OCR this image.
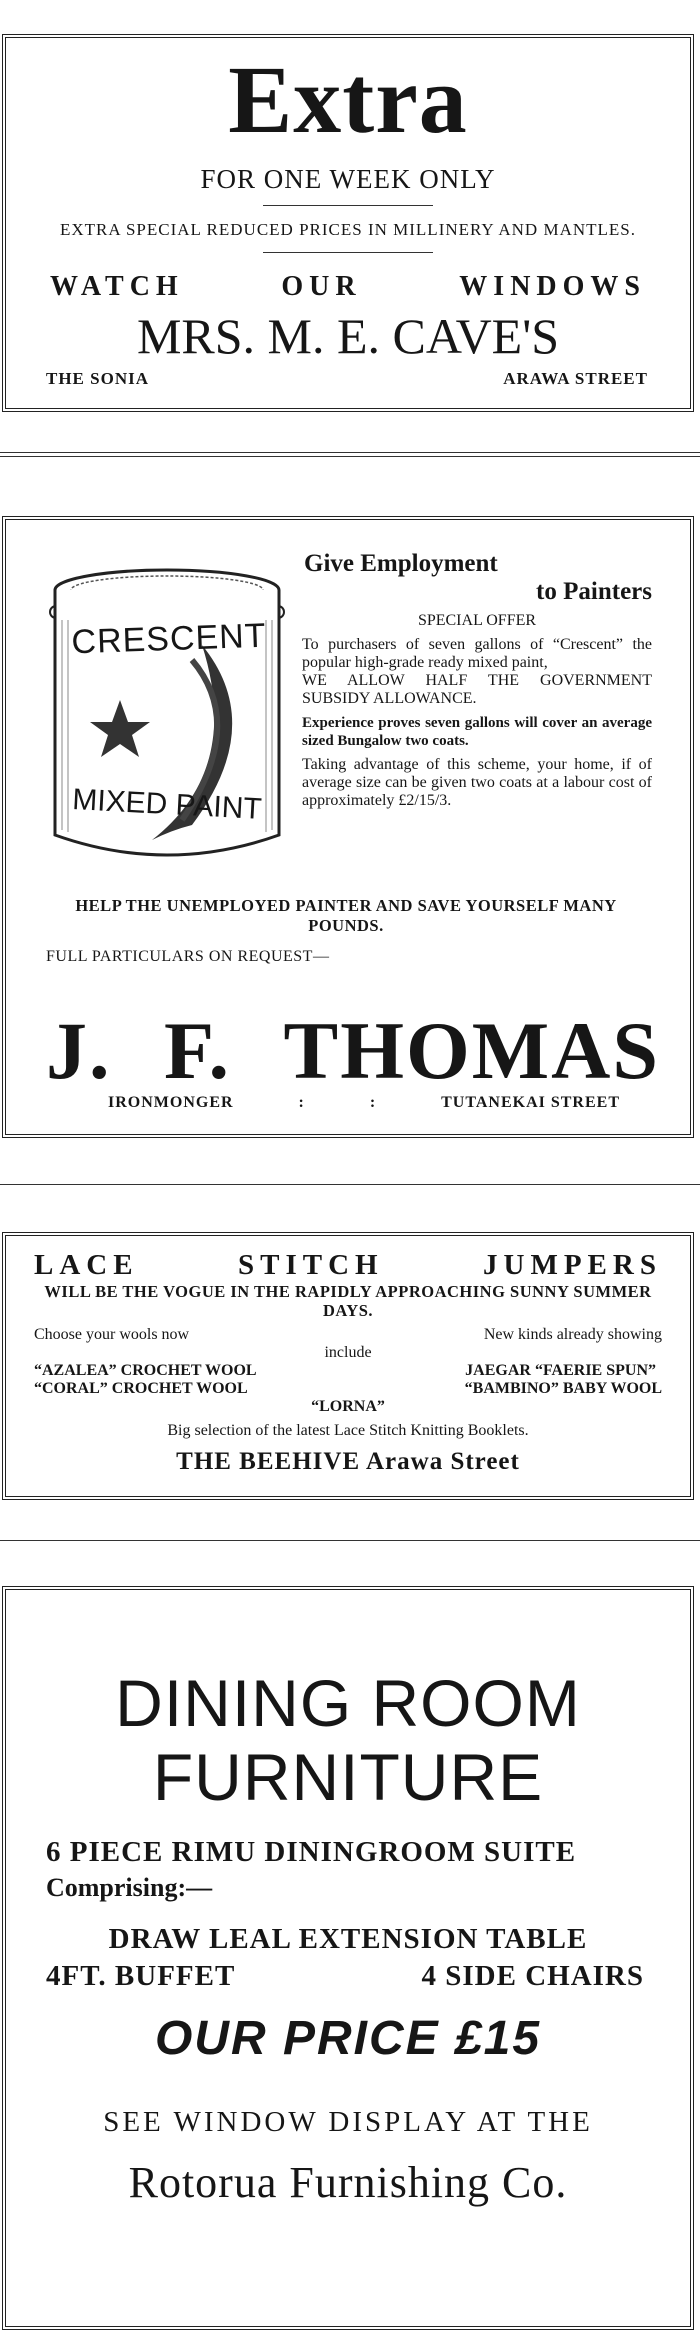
Extra
FOR ONE WEEK ONLY
EXTRA SPECIAL REDUCED PRICES IN MILLINERY AND MANTLES.
WATCH	OUR	WINDOWS
MRS. M. E. CAVE'S
THE SONIA	ARAWA STREET
CRESCENT
MIXED PAINT
Give Employment
to Painters
SPECIAL OFFER
To purchasers of seven gallons of “Crescent” the popular high-grade ready mixed paint,
WE ALLOW HALF THE GOVERNMENT SUBSIDY ALLOWANCE.
Experience proves seven gallons will cover an average sized Bungalow two coats.
Taking advantage of this scheme, your home, if of average size can be given two coats at a labour cost of approximately £2/15/3.
HELP THE UNEMPLOYED PAINTER AND SAVE YOURSELF MANY POUNDS.
FULL PARTICULARS ON REQUEST—
J. F. THOMAS
IRONMONGER	:	:	TUTANEKAI STREET
LACE	STITCH	JUMPERS
WILL BE THE VOGUE IN THE RAPIDLY APPROACHING SUNNY SUMMER DAYS.
Choose your wools now	New kinds already showing
include
“AZALEA” CROCHET WOOL	JAEGAR “FAERIE SPUN”
“CORAL” CROCHET WOOL	“BAMBINO” BABY WOOL
“LORNA”
Big selection of the latest Lace Stitch Knitting Booklets.
THE BEEHIVE Arawa Street
DINING ROOM
FURNITURE
6 PIECE RIMU DININGROOM SUITE
Comprising:—
DRAW LEAL EXTENSION TABLE
4FT. BUFFET	4 SIDE CHAIRS
OUR PRICE £15
SEE WINDOW DISPLAY AT THE
Rotorua Furnishing Co.
